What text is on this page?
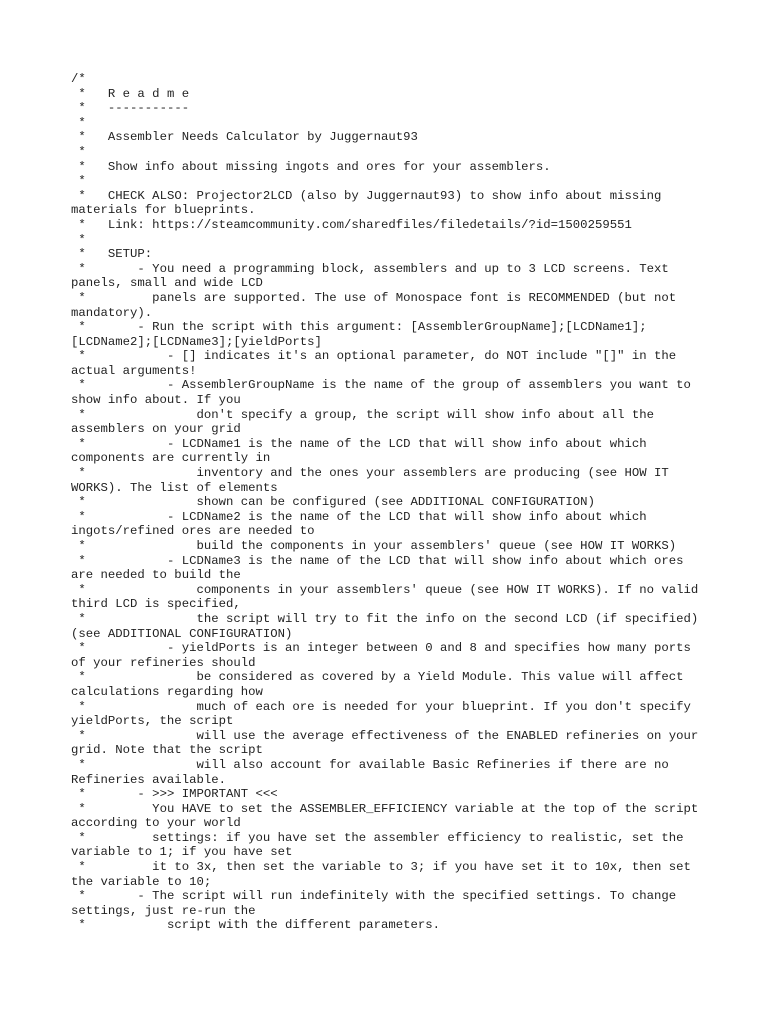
/*
*   R e a d m e
*   -----------
*
*   Assembler Needs Calculator by Juggernaut93
*
*   Show info about missing ingots and ores for your assemblers.
*
*   CHECK ALSO: Projector2LCD (also by Juggernaut93) to show info about missing materials for blueprints.
*   Link: https://steamcommunity.com/sharedfiles/filedetails/?id=1500259551
*
*   SETUP:
*       - You need a programming block, assemblers and up to 3 LCD screens. Text panels, small and wide LCD
*         panels are supported. The use of Monospace font is RECOMMENDED (but not mandatory).
*       - Run the script with this argument: [AssemblerGroupName];[LCDName1];[LCDName2];[LCDName3];[yieldPorts]
*           - [] indicates it's an optional parameter, do NOT include "[]" in the actual arguments!
*           - AssemblerGroupName is the name of the group of assemblers you want to show info about. If you
*               don't specify a group, the script will show info about all the assemblers on your grid
*           - LCDName1 is the name of the LCD that will show info about which components are currently in
*               inventory and the ones your assemblers are producing (see HOW IT WORKS). The list of elements
*               shown can be configured (see ADDITIONAL CONFIGURATION)
*           - LCDName2 is the name of the LCD that will show info about which ingots/refined ores are needed to
*               build the components in your assemblers' queue (see HOW IT WORKS)
*           - LCDName3 is the name of the LCD that will show info about which ores are needed to build the
*               components in your assemblers' queue (see HOW IT WORKS). If no valid third LCD is specified,
*               the script will try to fit the info on the second LCD (if specified) (see ADDITIONAL CONFIGURATION)
*           - yieldPorts is an integer between 0 and 8 and specifies how many ports of your refineries should
*               be considered as covered by a Yield Module. This value will affect calculations regarding how
*               much of each ore is needed for your blueprint. If you don't specify yieldPorts, the script
*               will use the average effectiveness of the ENABLED refineries on your grid. Note that the script
*               will also account for available Basic Refineries if there are no Refineries available.
*       - >>> IMPORTANT <<<
*         You HAVE to set the ASSEMBLER_EFFICIENCY variable at the top of the script according to your world
*         settings: if you have set the assembler efficiency to realistic, set the variable to 1; if you have set
*         it to 3x, then set the variable to 3; if you have set it to 10x, then set the variable to 10;
*       - The script will run indefinitely with the specified settings. To change settings, just re-run the
*           script with the different parameters.
